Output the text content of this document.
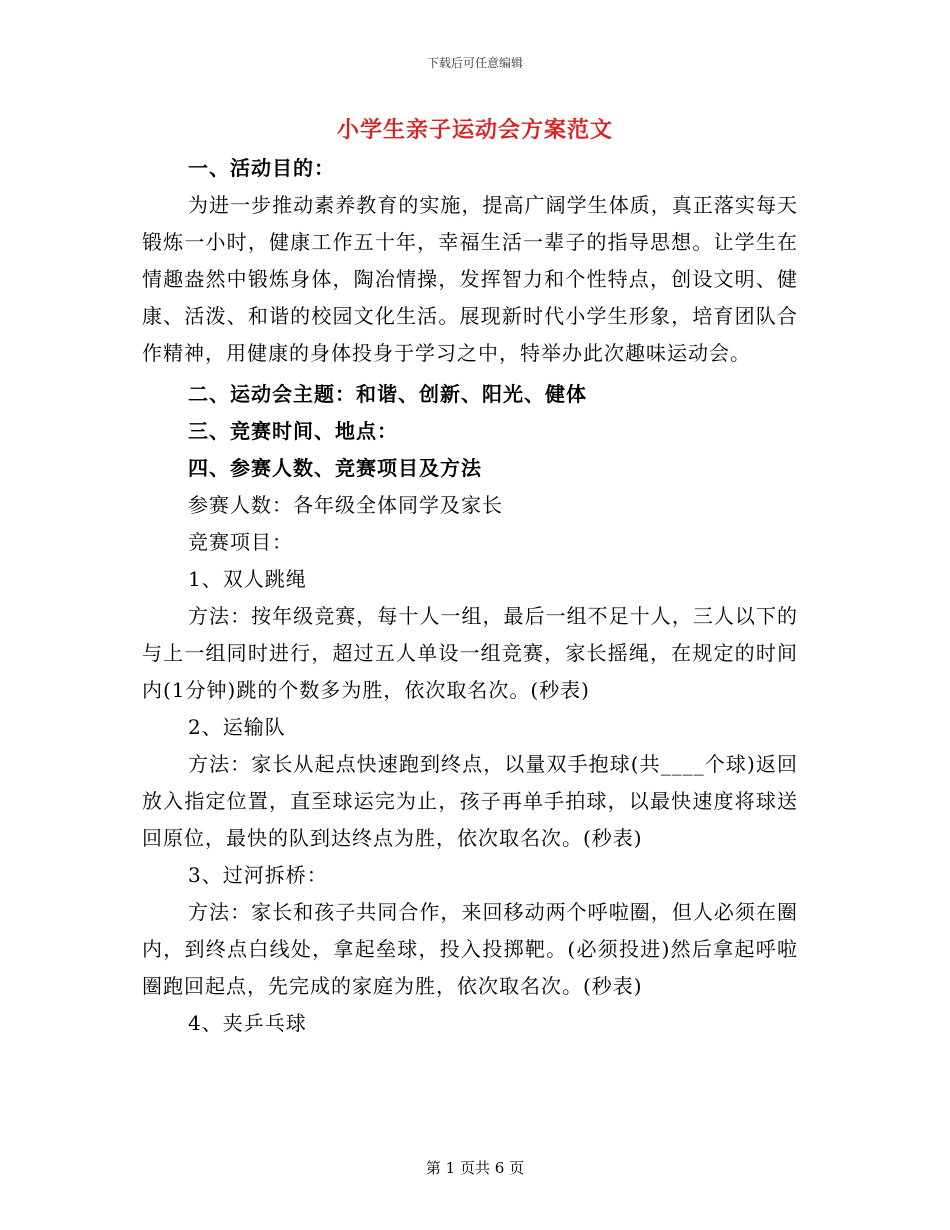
下载后可任意编辑
小学生亲子运动会方案范文

一、活动目的：

为进一步推动素养教育的实施，提高广阔学生体质，真正落实每天锻炼一小时，健康工作五十年，幸福生活一辈子的指导思想。让学生在情趣盎然中锻炼身体，陶冶情操，发挥智力和个性特点，创设文明、健康、活泼、和谐的校园文化生活。展现新时代小学生形象，培育团队合作精神，用健康的身体投身于学习之中，特举办此次趣味运动会。

二、运动会主题：和谐、创新、阳光、健体

三、竞赛时间、地点：

四、参赛人数、竞赛项目及方法

参赛人数：各年级全体同学及家长

竞赛项目：

1、双人跳绳

方法：按年级竞赛，每十人一组，最后一组不足十人，三人以下的与上一组同时进行，超过五人单设一组竞赛，家长摇绳，在规定的时间内(1分钟)跳的个数多为胜，依次取名次。(秒表)

2、运输队

方法：家长从起点快速跑到终点，以量双手抱球(共____个球)返回放入指定位置，直至球运完为止，孩子再单手拍球，以最快速度将球送回原位，最快的队到达终点为胜，依次取名次。(秒表)

3、过河拆桥：

方法：家长和孩子共同合作，来回移动两个呼啦圈，但人必须在圈内，到终点白线处，拿起垒球，投入投掷靶。(必须投进)然后拿起呼啦圈跑回起点，先完成的家庭为胜，依次取名次。(秒表)

4、夹乒乓球

第 1 页共 6 页
